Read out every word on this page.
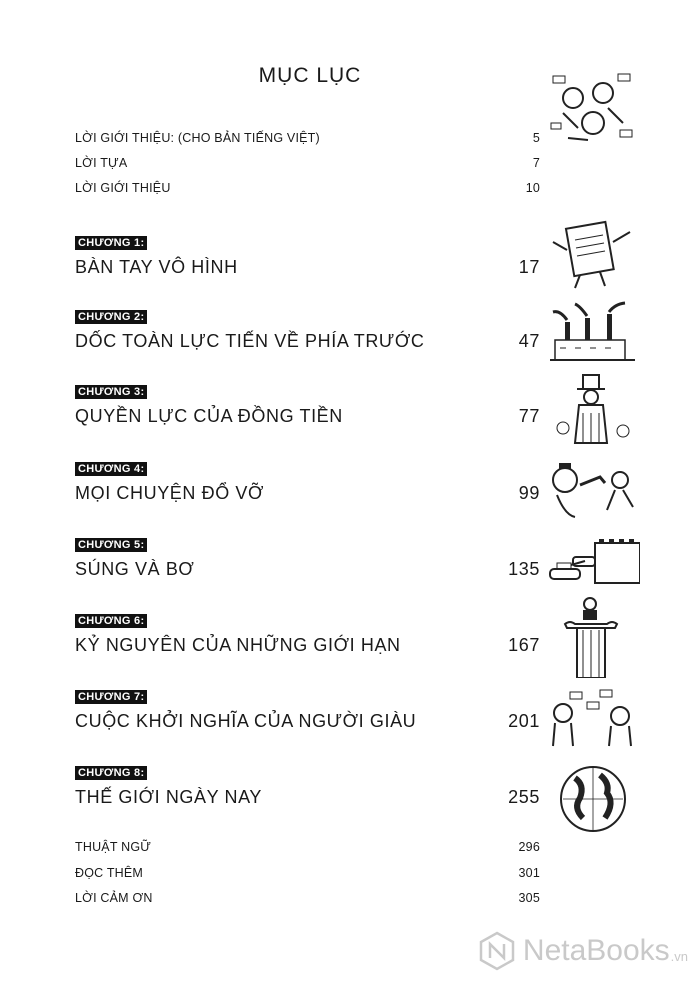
MỤC LỤC
LỜI GIỚI THIỆU: (CHO BẢN TIẾNG VIỆT)	5
LỜI TỰA	7
LỜI GIỚI THIỆU	10
CHƯƠNG 1:
BÀN TAY VÔ HÌNH	17
CHƯƠNG 2:
DỐC TOÀN LỰC TIẾN VỀ PHÍA TRƯỚC	47
CHƯƠNG 3:
QUYỀN LỰC CỦA ĐỒNG TIỀN	77
CHƯƠNG 4:
MỌI CHUYỆN ĐỔ VỠ	99
CHƯƠNG 5:
SÚNG VÀ BƠ	135
CHƯƠNG 6:
KỶ NGUYÊN CỦA NHỮNG GIỚI HẠN	167
CHƯƠNG 7:
CUỘC KHỞI NGHĨA CỦA NGƯỜI GIÀU	201
CHƯƠNG 8:
THẾ GIỚI NGÀY NAY	255
THUẬT NGỮ	296
ĐỌC THÊM	301
LỜI CẢM ƠN	305
NetaBooks .vn
